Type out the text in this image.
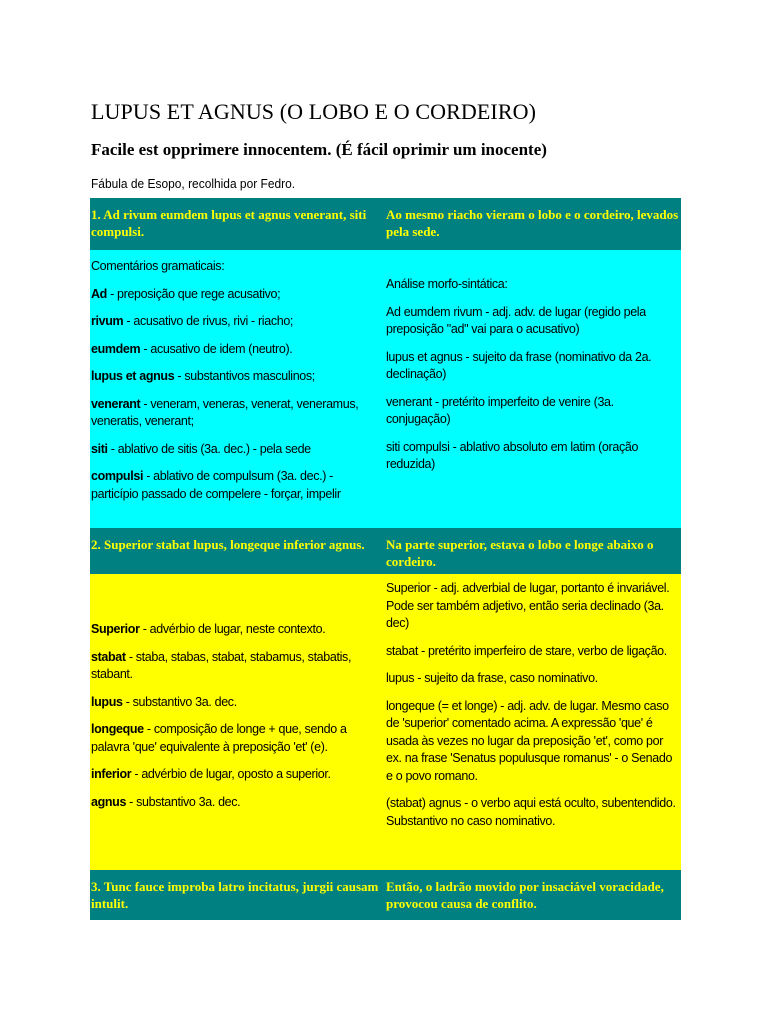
LUPUS ET AGNUS (O LOBO E O CORDEIRO)
Facile est opprimere innocentem. (É fácil oprimir um inocente)
Fábula de Esopo, recolhida por Fedro.
1. Ad rivum eumdem lupus et agnus venerant, siti compulsi.
Ao mesmo riacho vieram o lobo e o cordeiro, levados pela sede.

Comentários gramaticais:

Ad - preposição que rege acusativo;

rivum - acusativo de rivus, rivi - riacho;

eumdem - acusativo de idem (neutro).

lupus et agnus - substantivos masculinos;

venerant - veneram, veneras, venerat, veneramus, veneratis, venerant;

siti - ablativo de sitis (3a. dec.) - pela sede

compulsi - ablativo de compulsum (3a. dec.) - particípio passado de compelere - forçar, impelir

Análise morfo-sintática:

Ad eumdem rivum - adj. adv. de lugar (regido pela preposição "ad" vai para o acusativo)

lupus et agnus - sujeito da frase (nominativo da 2a. declinação)

venerant - pretérito imperfeito de venire (3a. conjugação)

siti compulsi - ablativo absoluto em latim (oração reduzida)

2. Superior stabat lupus, longeque inferior agnus.	Na parte superior, estava o lobo e longe abaixo o cordeiro.

Superior - advérbio de lugar, neste contexto.

stabat - staba, stabas, stabat, stabamus, stabatis, stabant.

lupus - substantivo 3a. dec.

longeque - composição de longe + que, sendo a palavra 'que' equivalente à preposição 'et' (e).

inferior - advérbio de lugar, oposto a superior.

agnus - substantivo 3a. dec.

Superior - adj. adverbial de lugar, portanto é invariável. Pode ser também adjetivo, então seria declinado (3a. dec)

stabat - pretérito imperfeiro de stare, verbo de ligação.

lupus - sujeito da frase, caso nominativo.

longeque (= et longe) - adj. adv. de lugar. Mesmo caso de 'superior' comentado acima. A expressão 'que' é usada às vezes no lugar da preposição 'et', como por ex. na frase 'Senatus populusque romanus' - o Senado e o povo romano.

(stabat) agnus - o verbo aqui está oculto, subentendido. Substantivo no caso nominativo.

3. Tunc fauce improba latro incitatus, jurgii causam intulit.
Então, o ladrão movido por insaciável voracidade, provocou causa de conflito.
